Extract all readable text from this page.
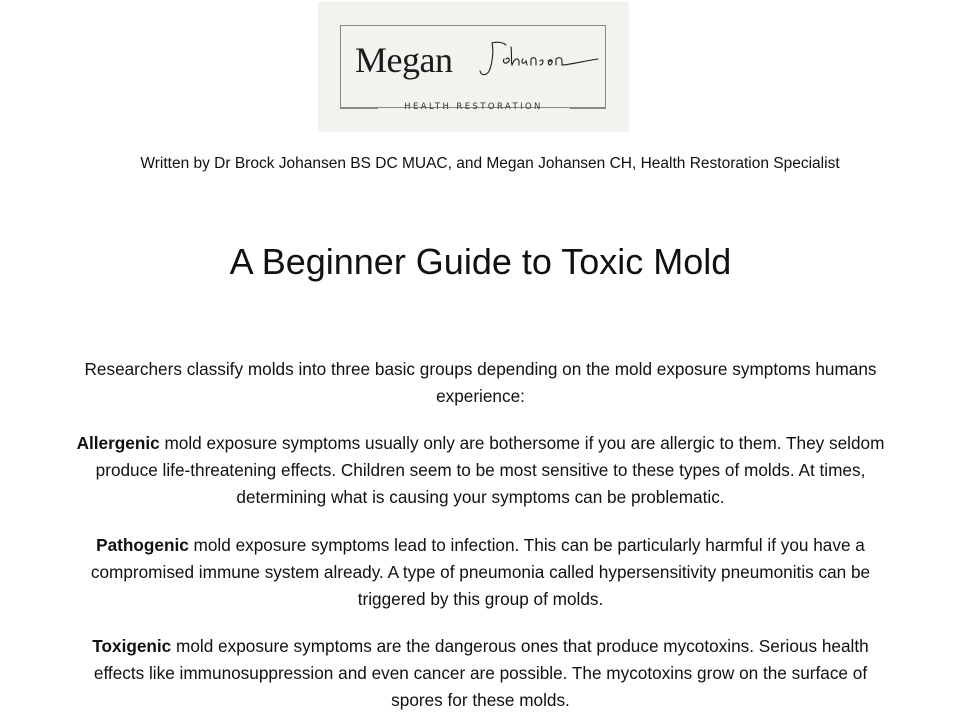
Megan
HEALTH RESTORATION
Written by Dr Brock Johansen BS DC MUAC, and Megan Johansen CH, Health Restoration Specialist
A Beginner Guide to Toxic Mold
Researchers classify molds into three basic groups depending on the mold exposure symptoms humans experience:
Allergenic mold exposure symptoms usually only are bothersome if you are allergic to them. They seldom produce life-threatening effects. Children seem to be most sensitive to these types of molds. At times, determining what is causing your symptoms can be problematic.
Pathogenic mold exposure symptoms lead to infection. This can be particularly harmful if you have a compromised immune system already. A type of pneumonia called hypersensitivity pneumonitis can be triggered by this group of molds.
Toxigenic mold exposure symptoms are the dangerous ones that produce mycotoxins. Serious health effects like immunosuppression and even cancer are possible. The mycotoxins grow on the surface of spores for these molds.
